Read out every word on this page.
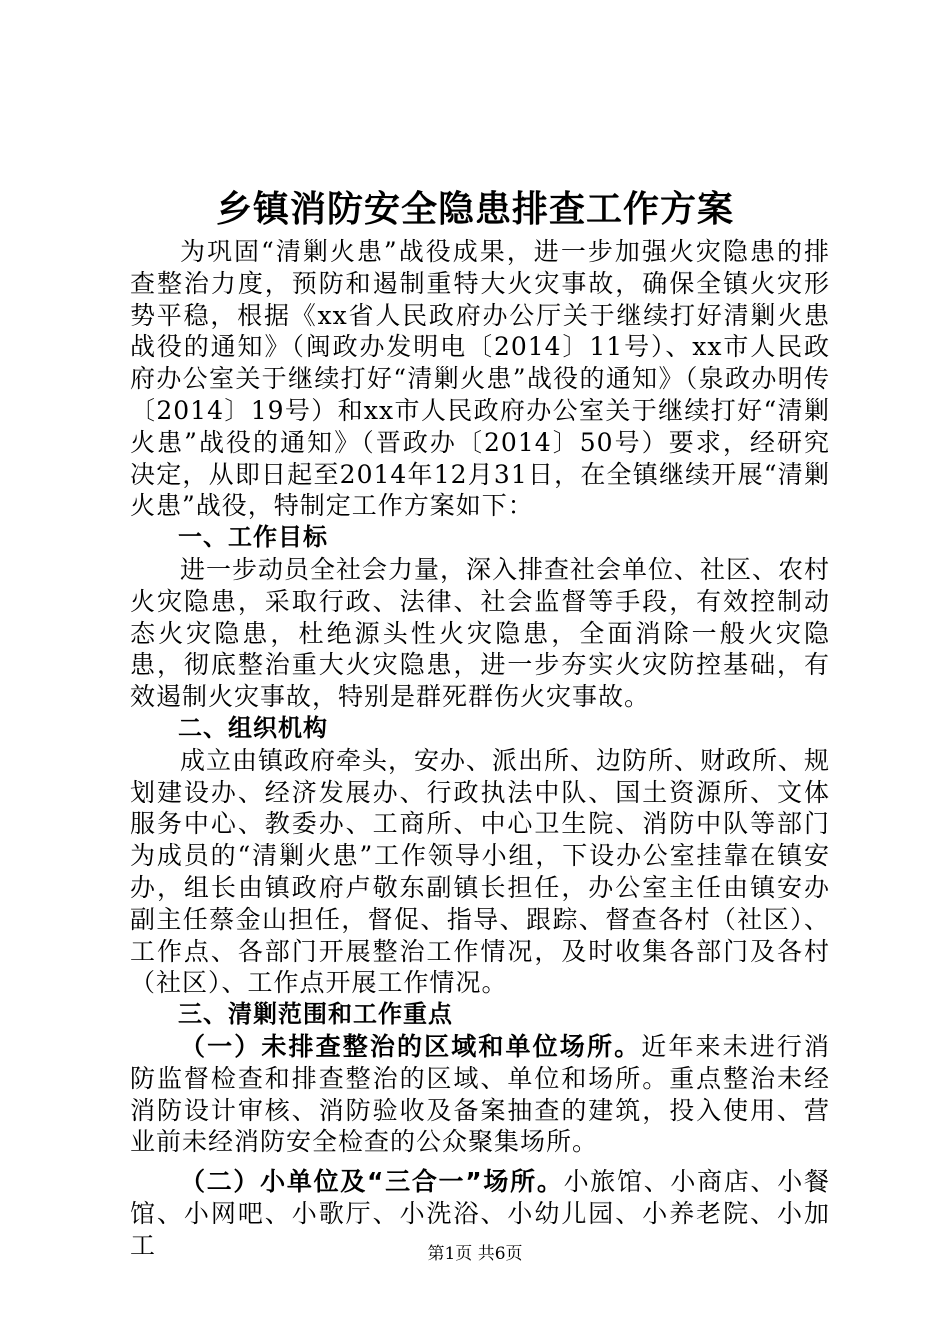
乡镇消防安全隐患排查工作方案

为巩固“清剿火患”战役成果，进一步加强火灾隐患的排查整治力度，预防和遏制重特大火灾事故，确保全镇火灾形势平稳，根据《xx省人民政府办公厅关于继续打好清剿火患战役的通知》（闽政办发明电〔2014〕11号）、xx市人民政府办公室关于继续打好“清剿火患”战役的通知》（泉政办明传〔2014〕19号）和xx市人民政府办公室关于继续打好“清剿火患”战役的通知》（晋政办〔2014〕50号）要求，经研究决定，从即日起至2014年12月31日，在全镇继续开展“清剿火患”战役，特制定工作方案如下：

一、工作目标

进一步动员全社会力量，深入排查社会单位、社区、农村火灾隐患，采取行政、法律、社会监督等手段，有效控制动态火灾隐患，杜绝源头性火灾隐患，全面消除一般火灾隐患，彻底整治重大火灾隐患，进一步夯实火灾防控基础，有效遏制火灾事故，特别是群死群伤火灾事故。

二、组织机构

成立由镇政府牵头，安办、派出所、边防所、财政所、规划建设办、经济发展办、行政执法中队、国土资源所、文体服务中心、教委办、工商所、中心卫生院、消防中队等部门为成员的“清剿火患”工作领导小组，下设办公室挂靠在镇安办，组长由镇政府卢敬东副镇长担任，办公室主任由镇安办副主任蔡金山担任，督促、指导、跟踪、督查各村（社区）、工作点、各部门开展整治工作情况，及时收集各部门及各村（社区）、工作点开展工作情况。

三、清剿范围和工作重点

（一）未排查整治的区域和单位场所。近年来未进行消防监督检查和排查整治的区域、单位和场所。重点整治未经消防设计审核、消防验收及备案抽查的建筑，投入使用、营业前未经消防安全检查的公众聚集场所。

（二）小单位及“三合一”场所。小旅馆、小商店、小餐馆、小网吧、小歌厅、小洗浴、小幼儿园、小养老院、小加工	第1页 共6页
